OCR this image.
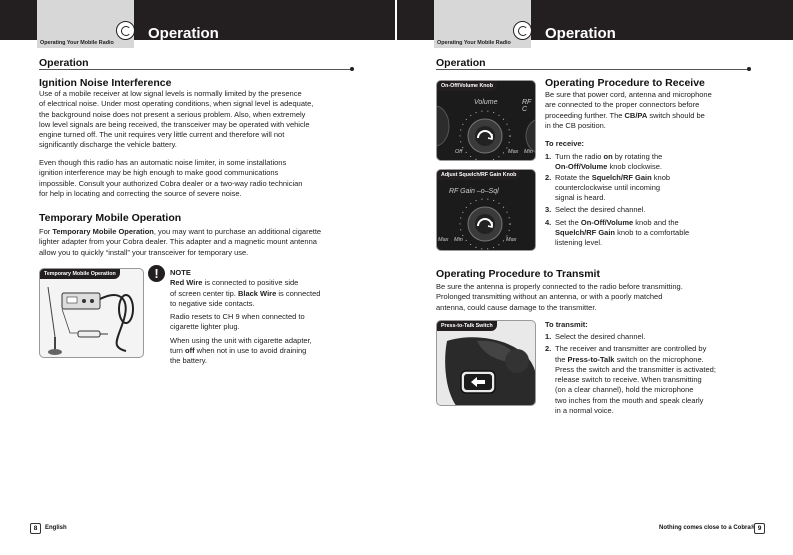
Operating Your Mobile Radio
Operation
Operation
Ignition Noise Interference

Use of a mobile receiver at low signal levels is normally limited by the presence

of electrical noise. Under most operating conditions, when signal level is adequate,

the background noise does not present a serious problem. Also, when extremely

low level signals are being received, the transceiver may be operated with vehicle

engine turned off. The unit requires very little current and therefore will not

significantly discharge the vehicle battery.

Even though this radio has an automatic noise limiter, in some installations

ignition interference may be high enough to make good communications

impossible. Consult your authorized Cobra dealer or a two-way radio technician

for help in locating and correcting the source of severe noise.

Temporary Mobile Operation

For Temporary Mobile Operation, you may want to purchase an additional cigarette

lighter adapter from your Cobra dealer. This adapter and a magnetic mount antenna

allow you to quickly “install” your transceiver for temporary use.

Temporary Mobile Operation	!	NOTE

Red Wire is connected to positive side

of screen center tip. Black Wire is connected

to negative side contacts.

Radio resets to CH 9 when connected to

cigarette lighter plug.

When using the unit with cigarette adapter,

turn off when not in use to avoid draining

the battery.

8	English
Operating Your Mobile Radio
Operation
Operation
On-Off/Volume Knob
Volume	RF C
Off	Max Min
Adjust Squelch/RF Gain Knob
RF Gain –o–Sql
Max Min	Max
Operating Procedure to Receive

Be sure that power cord, antenna and microphone

are connected to the proper connectors before

proceeding further. The CB/PA switch should be

in the CB position.

To receive:
1. Turn the radio on by rotating the
On-Off/Volume knob clockwise.
2. Rotate the Squelch/RF Gain knob
counterclockwise until incoming
signal is heard.
3. Select the desired channel.
4. Set the On-Off/Volume knob and the
Squelch/RF Gain knob to a comfortable
listening level.
Operating Procedure to Transmit

Be sure the antenna is properly connected to the radio before transmitting.

Prolonged transmitting without an antenna, or with a poorly matched

antenna, could cause damage to the transmitter.

Press-to-Talk Switch	To transmit:
1. Select the desired channel.
2. The receiver and transmitter are controlled by
the Press-to-Talk switch on the microphone.
Press the switch and the transmitter is activated;
release switch to receive. When transmitting
(on a clear channel), hold the microphone
two inches from the mouth and speak clearly
in a normal voice.
Nothing comes close to a Cobra® 9
